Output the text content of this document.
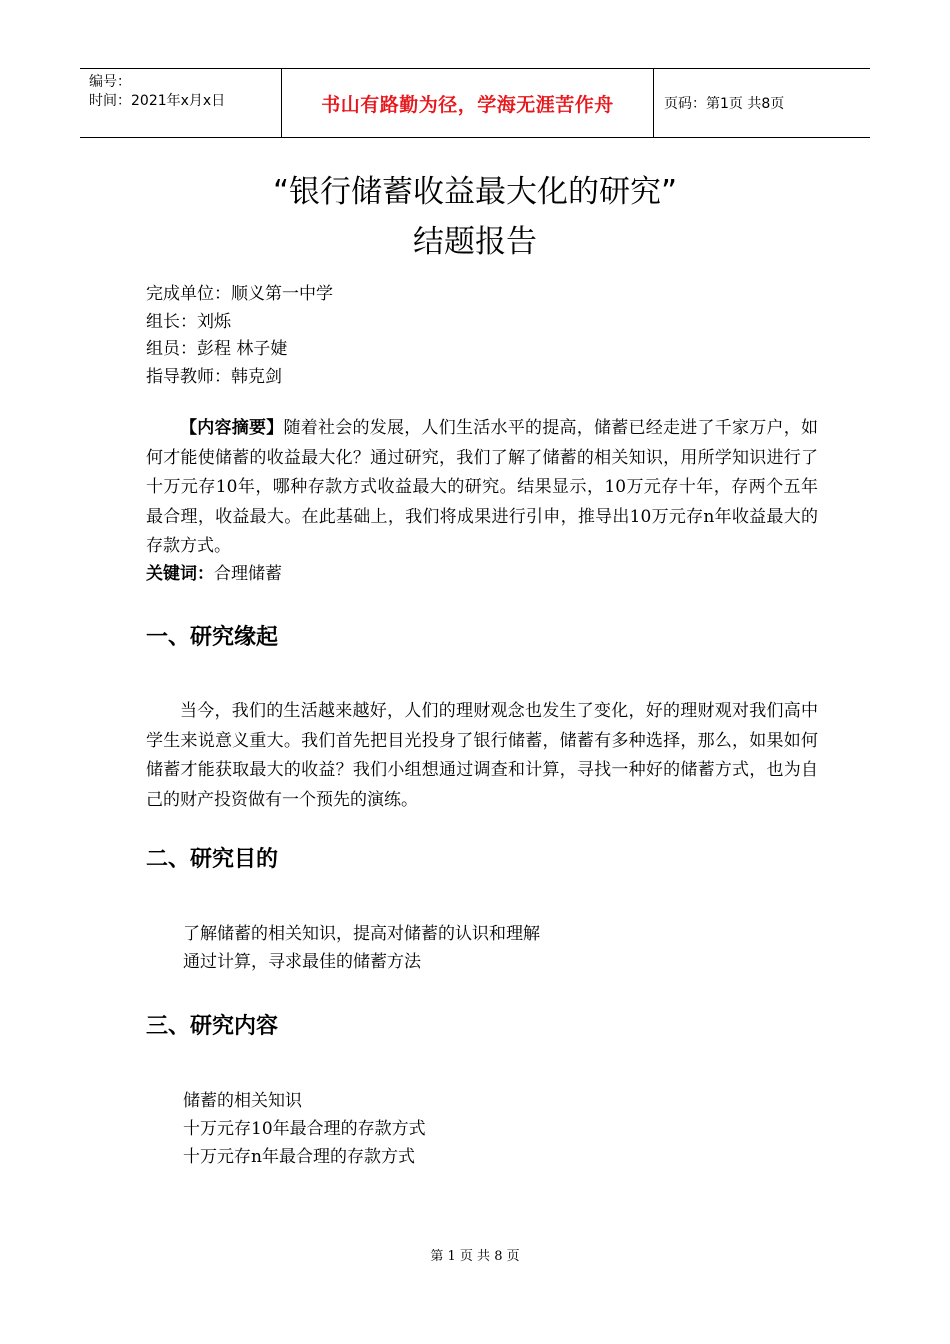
编号：
时间：2021年x月x日	书山有路勤为径，学海无涯苦作舟	页码：第1页 共8页
“银行储蓄收益最大化的研究”
结题报告
完成单位：顺义第一中学
组长：刘烁
组员：彭程 林子婕
指导教师：韩克剑
【内容摘要】随着社会的发展，人们生活水平的提高，储蓄已经走进了千家万户，如何才能使储蓄的收益最大化？通过研究，我们了解了储蓄的相关知识，用所学知识进行了十万元存10年，哪种存款方式收益最大的研究。结果显示，10万元存十年，存两个五年最合理，收益最大。在此基础上，我们将成果进行引申，推导出10万元存n年收益最大的存款方式。
关键词：合理储蓄
一、研究缘起
当今，我们的生活越来越好，人们的理财观念也发生了变化，好的理财观对我们高中学生来说意义重大。我们首先把目光投身了银行储蓄，储蓄有多种选择，那么，如果如何储蓄才能获取最大的收益？我们小组想通过调查和计算，寻找一种好的储蓄方式，也为自己的财产投资做有一个预先的演练。
二、研究目的
了解储蓄的相关知识，提高对储蓄的认识和理解
通过计算，寻求最佳的储蓄方法
三、研究内容
储蓄的相关知识
十万元存10年最合理的存款方式
十万元存n年最合理的存款方式
第 1 页 共 8 页
